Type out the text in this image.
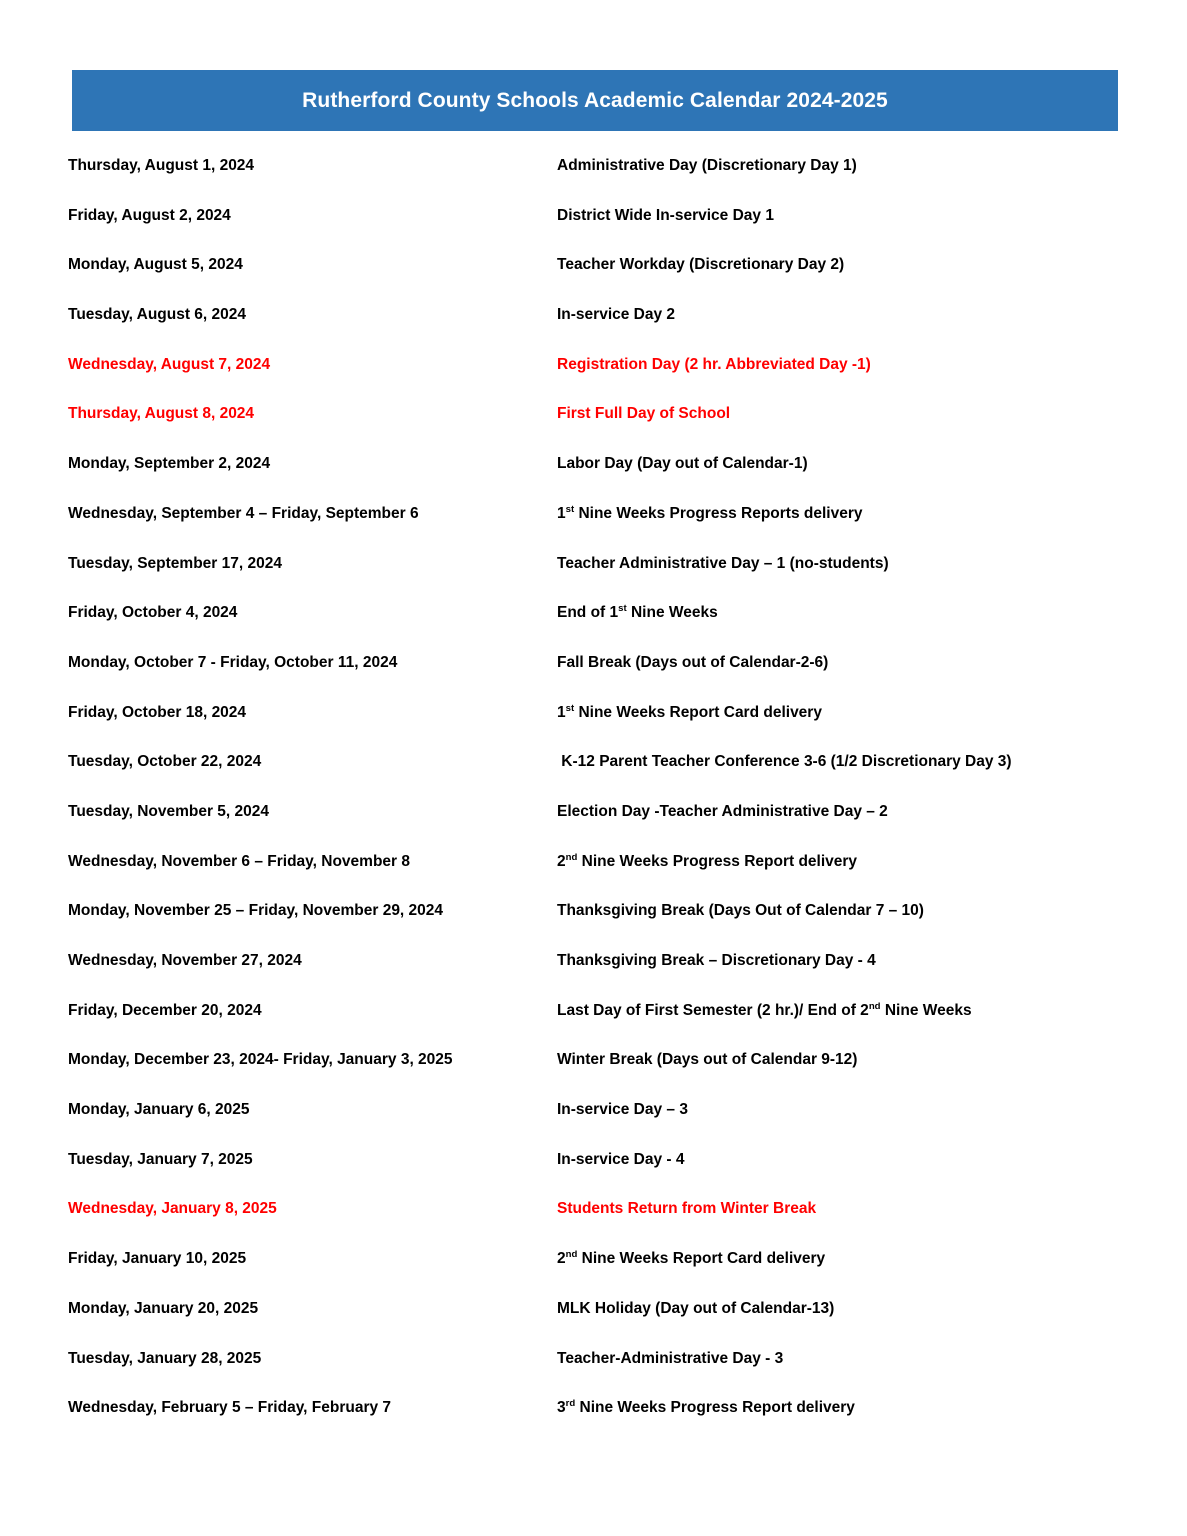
Rutherford County Schools Academic Calendar 2024-2025
Thursday, August 1, 2024	Administrative Day (Discretionary Day 1)
Friday, August 2, 2024	District Wide In-service Day 1
Monday, August 5, 2024	Teacher Workday (Discretionary Day 2)
Tuesday, August 6, 2024	In-service Day 2
Wednesday, August 7, 2024	Registration Day (2 hr. Abbreviated Day -1)
Thursday, August 8, 2024	First Full Day of School
Monday, September 2, 2024	Labor Day (Day out of Calendar-1)
Wednesday, September 4 – Friday, September 6	1st Nine Weeks Progress Reports delivery
Tuesday, September 17, 2024	Teacher Administrative Day – 1 (no-students)
Friday, October 4, 2024	End of 1st Nine Weeks
Monday, October 7 - Friday, October 11, 2024	Fall Break (Days out of Calendar-2-6)
Friday, October 18, 2024	1st Nine Weeks Report Card delivery
Tuesday, October 22, 2024	K-12 Parent Teacher Conference 3-6 (1/2 Discretionary Day 3)
Tuesday, November 5, 2024	Election Day -Teacher Administrative Day – 2
Wednesday, November 6 – Friday, November 8	2nd Nine Weeks Progress Report delivery
Monday, November 25 – Friday, November 29, 2024	Thanksgiving Break (Days Out of Calendar 7 – 10)
Wednesday, November 27, 2024	Thanksgiving Break – Discretionary Day - 4
Friday, December 20, 2024	Last Day of First Semester (2 hr.)/ End of 2nd Nine Weeks
Monday, December 23, 2024- Friday, January 3, 2025	Winter Break (Days out of Calendar 9-12)
Monday, January 6, 2025	In-service Day – 3
Tuesday, January 7, 2025	In-service Day - 4
Wednesday, January 8, 2025	Students Return from Winter Break
Friday, January 10, 2025	2nd Nine Weeks Report Card delivery
Monday, January 20, 2025	MLK Holiday (Day out of Calendar-13)
Tuesday, January 28, 2025	Teacher-Administrative Day - 3
Wednesday, February 5 – Friday, February 7	3rd Nine Weeks Progress Report delivery
